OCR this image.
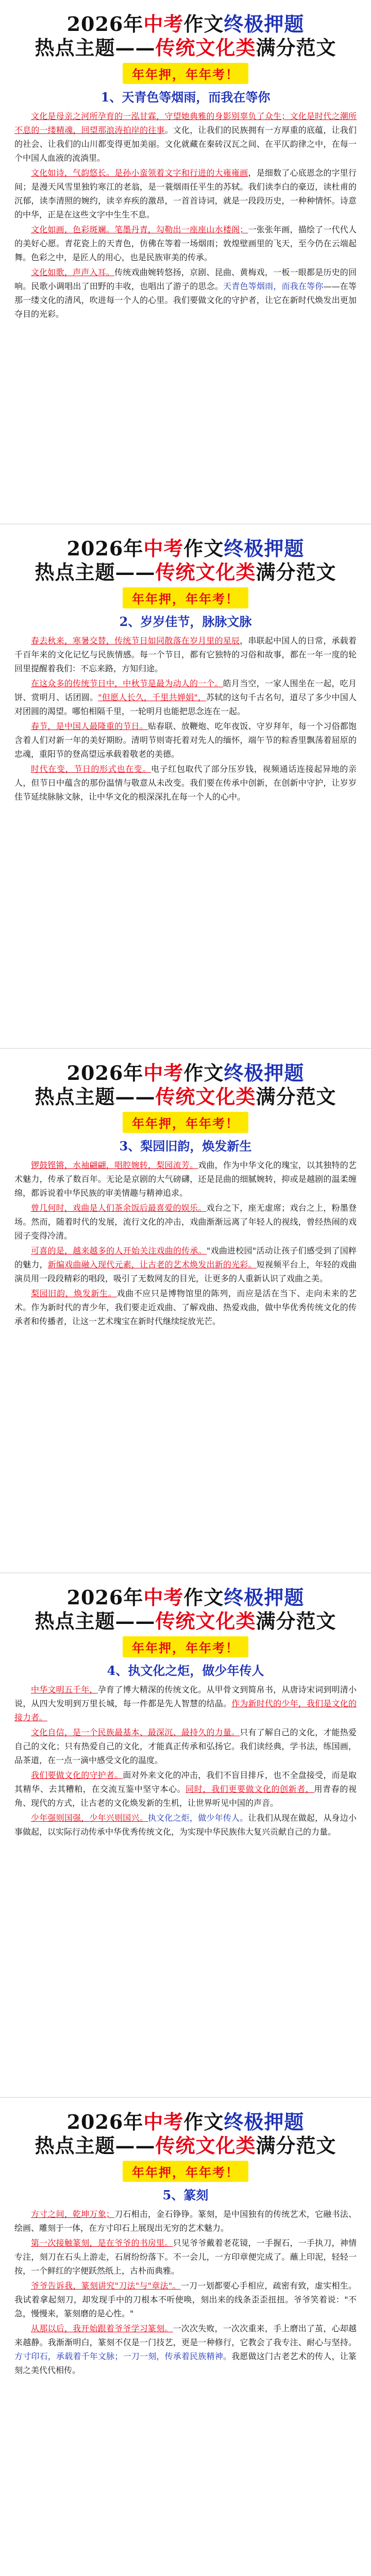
2026年中考作文终极押题
热点主题——传统文化类满分范文
年年押，年年考！
1、天青色等烟雨，而我在等你

文化是母亲之河所孕育的一泓甘霖，守望她典雅的身影别辜负了众生；文化是时代之潮所不息的一缕精魂，回望那浪涛拍岸的往事。文化，让我们的民族拥有一方厚重的底蕴，让我们的社会、让我们的山川都变得更加美丽。文化就藏在秦砖汉瓦之间、在平仄韵律之中，在每一个中国人血液的流淌里。

文化如诗，气韵悠长。是孙小蛮领着文字和行进的大雍雍画，是细数了心底恩念的字里行间；是漫天风雪里独钓寒江的老翁，是一蓑烟雨任平生的苏轼。我们读李白的豪迈，读杜甫的沉郁，读李清照的婉约，读辛弃疾的激昂，一首首诗词，就是一段段历史，一种种情怀。诗意的中华，正是在这些文字中生生不息。

文化如画，色彩斑斓。笔墨丹青，勾勒出一座座山水楼阁；一张张年画，描绘了一代代人的美好心愿。青花瓷上的天青色，仿佛在等着一场烟雨；敦煌壁画里的飞天，至今仍在云端起舞。色彩之中，是匠人的用心，也是民族审美的传承。

文化如歌，声声入耳。传统戏曲婉转悠扬，京剧、昆曲、黄梅戏，一板一眼都是历史的回响。民歌小调唱出了田野的丰收，也唱出了游子的思念。天青色等烟雨，而我在等你——在等那一缕文化的清风，吹进每一个人的心里。我们要做文化的守护者，让它在新时代焕发出更加夺目的光彩。

2026年中考作文终极押题
热点主题——传统文化类满分范文
年年押，年年考！
2、岁岁佳节，脉脉文脉

春去秋来，寒暑交替，传统节日如同散落在岁月里的星辰，串联起中国人的日常，承载着千百年来的文化记忆与民族情感。每一个节日，都有它独特的习俗和故事，都在一年一度的轮回里提醒着我们：不忘来路，方知归途。

在这众多的传统节日中，中秋节是最为动人的一个。皓月当空，一家人围坐在一起，吃月饼、赏明月、话团圆。"但愿人长久，千里共婵娟"，苏轼的这句千古名句，道尽了多少中国人对团圆的渴望。哪怕相隔千里，一轮明月也能把思念连在一起。

春节，是中国人最隆重的节日。贴春联、放鞭炮、吃年夜饭、守岁拜年，每一个习俗都饱含着人们对新一年的美好期盼。清明节则寄托着对先人的缅怀，端午节的粽香里飘荡着屈原的忠魂，重阳节的登高望远承载着敬老的美德。

时代在变，节日的形式也在变。电子红包取代了部分压岁钱，视频通话连接起异地的亲人，但节日中蕴含的那份温情与敬意从未改变。我们要在传承中创新，在创新中守护，让岁岁佳节延续脉脉文脉，让中华文化的根深深扎在每一个人的心中。

2026年中考作文终极押题
热点主题——传统文化类满分范文
年年押，年年考！
3、梨园旧韵，焕发新生

锣鼓铿锵，水袖翩翩，唱腔婉转，梨园流芳。戏曲，作为中华文化的瑰宝，以其独特的艺术魅力，传承了数百年。无论是京剧的大气磅礴，还是昆曲的细腻婉转，抑或是越剧的温柔缠绵，都诉说着中华民族的审美情趣与精神追求。

曾几何时，戏曲是人们茶余饭后最喜爱的娱乐。戏台之下，座无虚席；戏台之上，粉墨登场。然而，随着时代的发展，流行文化的冲击，戏曲渐渐远离了年轻人的视线，曾经热闹的戏园子变得冷清。

可喜的是，越来越多的人开始关注戏曲的传承。"戏曲进校园"活动让孩子们感受到了国粹的魅力，新编戏曲融入现代元素，让古老的艺术焕发出新的光彩。短视频平台上，年轻的戏曲演员用一段段精彩的唱段，吸引了无数网友的目光，让更多的人重新认识了戏曲之美。

梨园旧韵，焕发新生。戏曲不应只是博物馆里的陈列，而应是活在当下、走向未来的艺术。作为新时代的青少年，我们要走近戏曲、了解戏曲、热爱戏曲，做中华优秀传统文化的传承者和传播者，让这一艺术瑰宝在新时代继续绽放光芒。

2026年中考作文终极押题
热点主题——传统文化类满分范文
年年押，年年考！
4、执文化之炬，做少年传人

中华文明五千年，孕育了博大精深的传统文化。从甲骨文到简帛书，从唐诗宋词到明清小说，从四大发明到万里长城，每一件都是先人智慧的结晶。作为新时代的少年，我们是文化的接力者。

文化自信，是一个民族最基本、最深沉、最持久的力量。只有了解自己的文化，才能热爱自己的文化；只有热爱自己的文化，才能真正传承和弘扬它。我们读经典，学书法，练国画，品茶道，在一点一滴中感受文化的温度。

我们要做文化的守护者。面对外来文化的冲击，我们不盲目排斥，也不全盘接受，而是取其精华、去其糟粕，在交流互鉴中坚守本心。同时，我们更要做文化的创新者，用青春的视角、现代的方式，让古老的文化焕发新的生机，让世界听见中国的声音。

少年强则国强，少年兴则国兴。执文化之炬，做少年传人。让我们从现在做起，从身边小事做起，以实际行动传承中华优秀传统文化，为实现中华民族伟大复兴贡献自己的力量。

2026年中考作文终极押题
热点主题——传统文化类满分范文
年年押，年年考！
5、篆刻

方寸之间，乾坤万象；刀石相击，金石铮铮。篆刻，是中国独有的传统艺术，它融书法、绘画、雕刻于一体，在方寸印石上展现出无穷的艺术魅力。

第一次接触篆刻，是在爷爷的书房里。只见爷爷戴着老花镜，一手握石，一手执刀，神情专注，刻刀在石头上游走，石屑纷纷落下。不一会儿，一方印章便完成了。蘸上印泥，轻轻一按，一个鲜红的字便跃然纸上，古朴而典雅。

爷爷告诉我，篆刻讲究"刀法"与"章法"。一刀一划都要心手相应，疏密有致，虚实相生。我试着拿起刻刀，却发现手中的刀根本不听使唤，刻出来的线条歪歪扭扭。爷爷笑着说："不急，慢慢来，篆刻磨的是心性。"

从那以后，我开始跟着爷爷学习篆刻。一次次失败，一次次重来，手上磨出了茧，心却越来越静。我渐渐明白，篆刻不仅是一门技艺，更是一种修行，它教会了我专注、耐心与坚持。方寸印石，承载着千年文脉；一刀一刻，传承着民族精神。我愿做这门古老艺术的传人，让篆刻之美代代相传。
